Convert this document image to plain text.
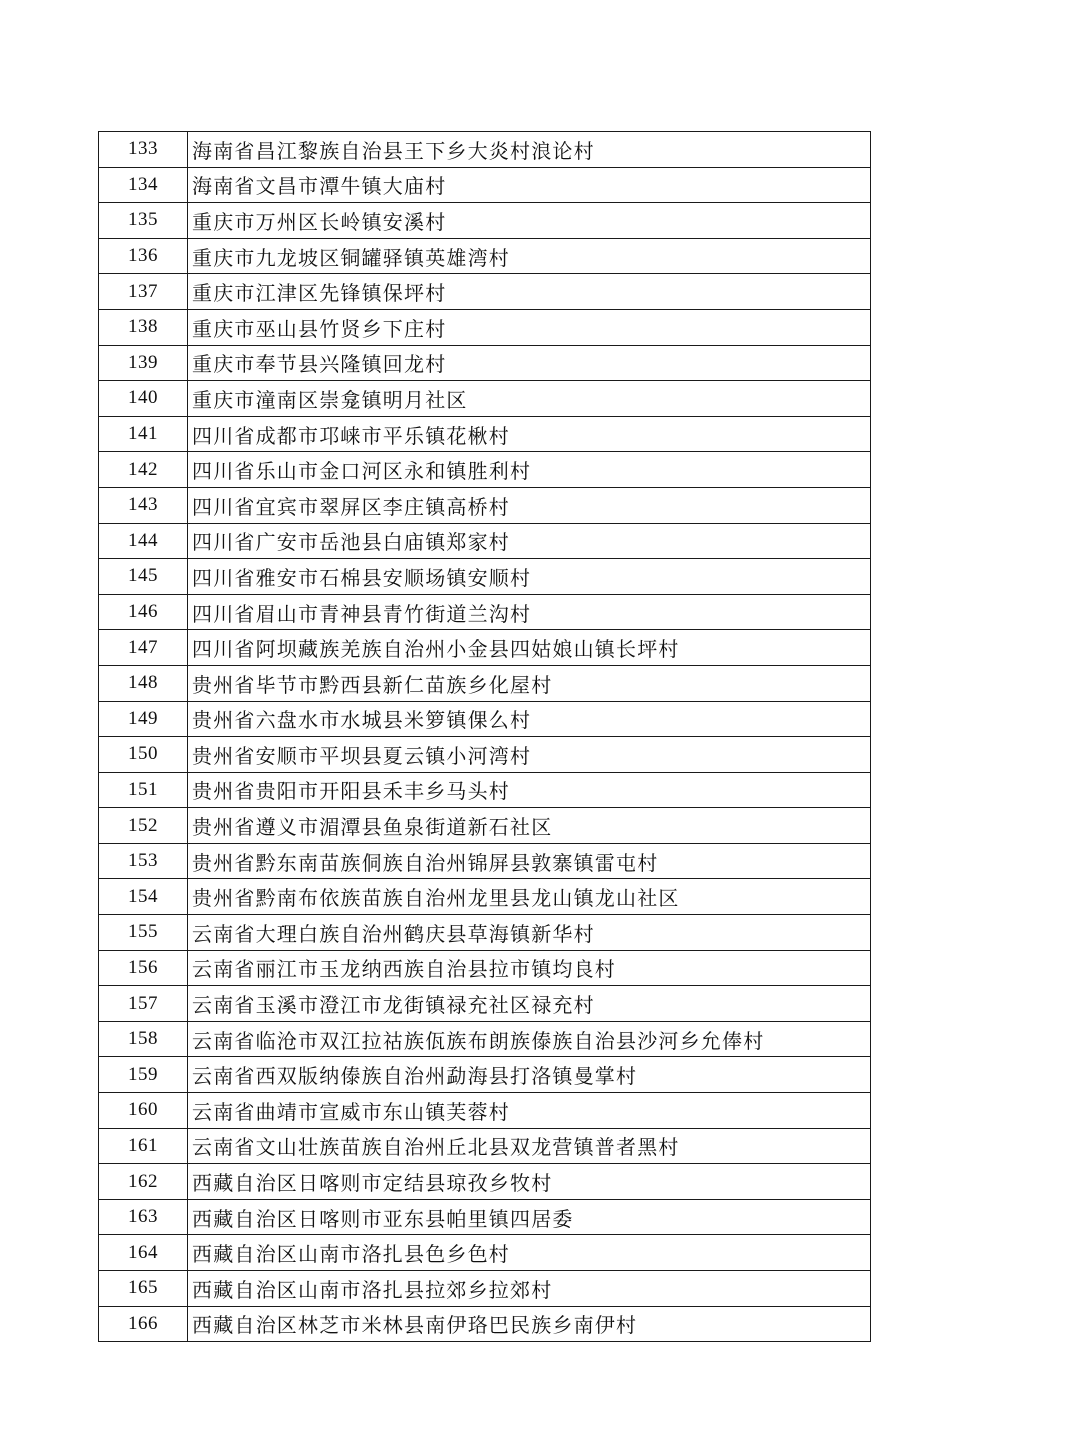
133	海南省昌江黎族自治县王下乡大炎村浪论村
134	海南省文昌市潭牛镇大庙村
135	重庆市万州区长岭镇安溪村
136	重庆市九龙坡区铜罐驿镇英雄湾村
137	重庆市江津区先锋镇保坪村
138	重庆市巫山县竹贤乡下庄村
139	重庆市奉节县兴隆镇回龙村
140	重庆市潼南区崇龛镇明月社区
141	四川省成都市邛崃市平乐镇花楸村
142	四川省乐山市金口河区永和镇胜利村
143	四川省宜宾市翠屏区李庄镇高桥村
144	四川省广安市岳池县白庙镇郑家村
145	四川省雅安市石棉县安顺场镇安顺村
146	四川省眉山市青神县青竹街道兰沟村
147	四川省阿坝藏族羌族自治州小金县四姑娘山镇长坪村
148	贵州省毕节市黔西县新仁苗族乡化屋村
149	贵州省六盘水市水城县米箩镇倮么村
150	贵州省安顺市平坝县夏云镇小河湾村
151	贵州省贵阳市开阳县禾丰乡马头村
152	贵州省遵义市湄潭县鱼泉街道新石社区
153	贵州省黔东南苗族侗族自治州锦屏县敦寨镇雷屯村
154	贵州省黔南布依族苗族自治州龙里县龙山镇龙山社区
155	云南省大理白族自治州鹤庆县草海镇新华村
156	云南省丽江市玉龙纳西族自治县拉市镇均良村
157	云南省玉溪市澄江市龙街镇禄充社区禄充村
158	云南省临沧市双江拉祜族佤族布朗族傣族自治县沙河乡允俸村
159	云南省西双版纳傣族自治州勐海县打洛镇曼掌村
160	云南省曲靖市宣威市东山镇芙蓉村
161	云南省文山壮族苗族自治州丘北县双龙营镇普者黑村
162	西藏自治区日喀则市定结县琼孜乡牧村
163	西藏自治区日喀则市亚东县帕里镇四居委
164	西藏自治区山南市洛扎县色乡色村
165	西藏自治区山南市洛扎县拉郊乡拉郊村
166	西藏自治区林芝市米林县南伊珞巴民族乡南伊村
